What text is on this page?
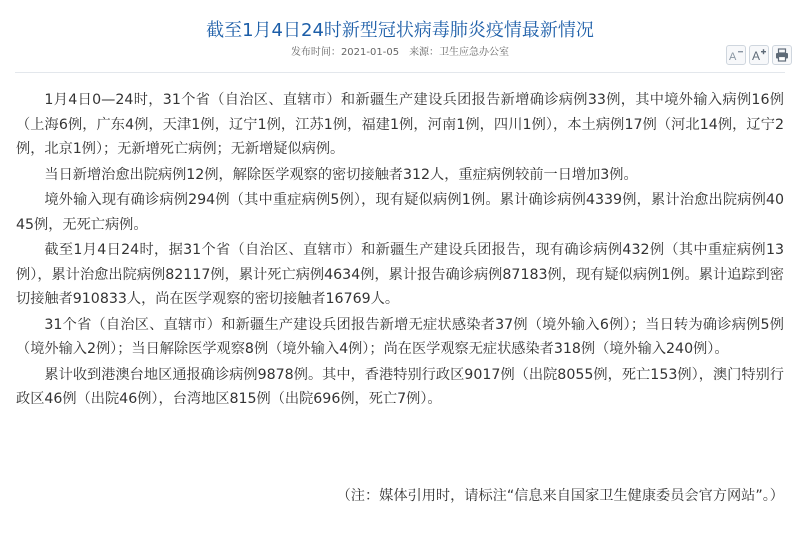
截至1月4日24时新型冠状病毒肺炎疫情最新情况
发布时间：2021-01-05 来源：卫生应急办公室	A A

1月4日0—24时，31个省（自治区、直辖市）和新疆生产建设兵团报告新增确诊病例33例，其中境外输入病例16例（上海6例，广东4例，天津1例，辽宁1例，江苏1例，福建1例，河南1例，四川1例），本土病例17例（河北14例，辽宁2例，北京1例）；无新增死亡病例；无新增疑似病例。

当日新增治愈出院病例12例，解除医学观察的密切接触者312人，重症病例较前一日增加3例。

境外输入现有确诊病例294例（其中重症病例5例），现有疑似病例1例。累计确诊病例4339例，累计治愈出院病例4045例，无死亡病例。

截至1月4日24时，据31个省（自治区、直辖市）和新疆生产建设兵团报告，现有确诊病例432例（其中重症病例13例），累计治愈出院病例82117例，累计死亡病例4634例，累计报告确诊病例87183例，现有疑似病例1例。累计追踪到密切接触者910833人，尚在医学观察的密切接触者16769人。

31个省（自治区、直辖市）和新疆生产建设兵团报告新增无症状感染者37例（境外输入6例）；当日转为确诊病例5例（境外输入2例）；当日解除医学观察8例（境外输入4例）；尚在医学观察无症状感染者318例（境外输入240例）。

累计收到港澳台地区通报确诊病例9878例。其中，香港特别行政区9017例（出院8055例，死亡153例），澳门特别行政区46例（出院46例），台湾地区815例（出院696例，死亡7例）。

（注：媒体引用时，请标注“信息来自国家卫生健康委员会官方网站”。）
